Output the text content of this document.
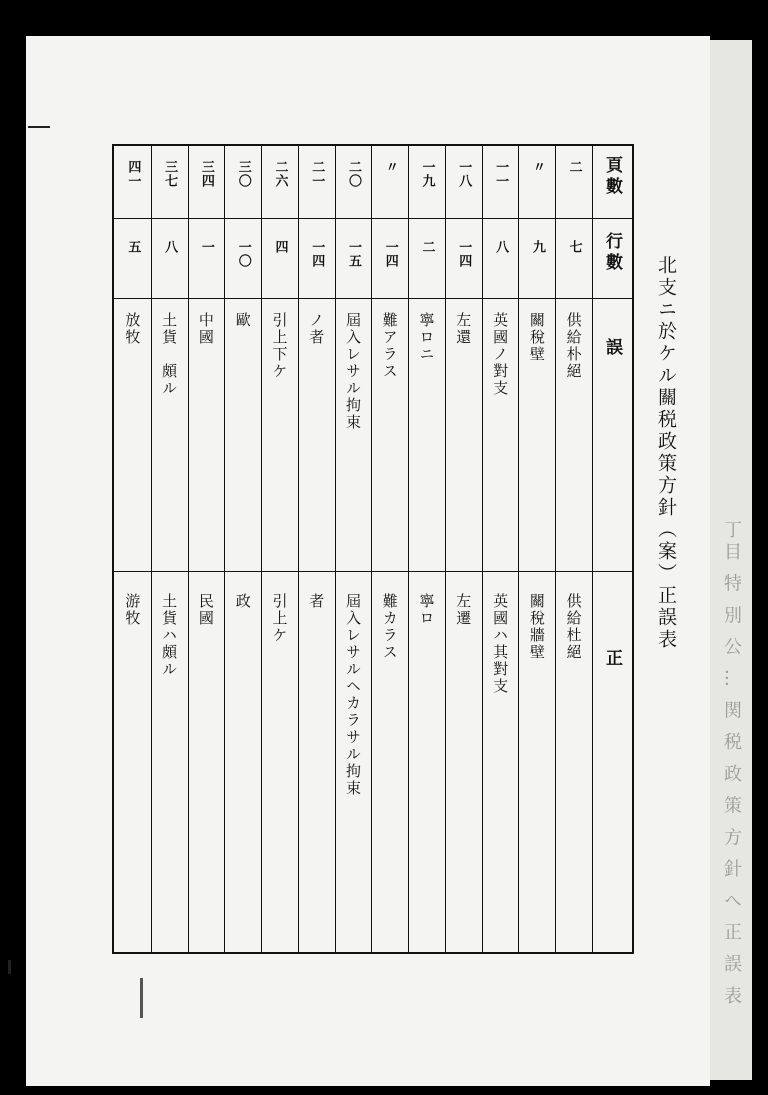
丁目 特 別 公 … 関 税 政 策 方 針 へ 正 誤 表
北支ニ於ケル關税政策方針（案）正誤表
頁數
行數
誤
正
二
七
供給朴絕
供給杜絕
〃
九
關稅壁
關稅牆壁
一一
八
英國ノ對支
英國ハ其對支
一八
一四
左還
左遷
一九
二
寧ロニ
寧ロ
〃
一四
難アラス
難カラス
二〇
一五
屆入レサル拘束
屆入レサルヘカラサル拘束
二一
一四
ノ者
者
二六
四
引上下ケ
引上ケ
三〇
一〇
歐
政
三四
一
中國
民國
三七
八
土貨　頗ル
土貨ハ頗ル
四一
五
放牧
游牧
